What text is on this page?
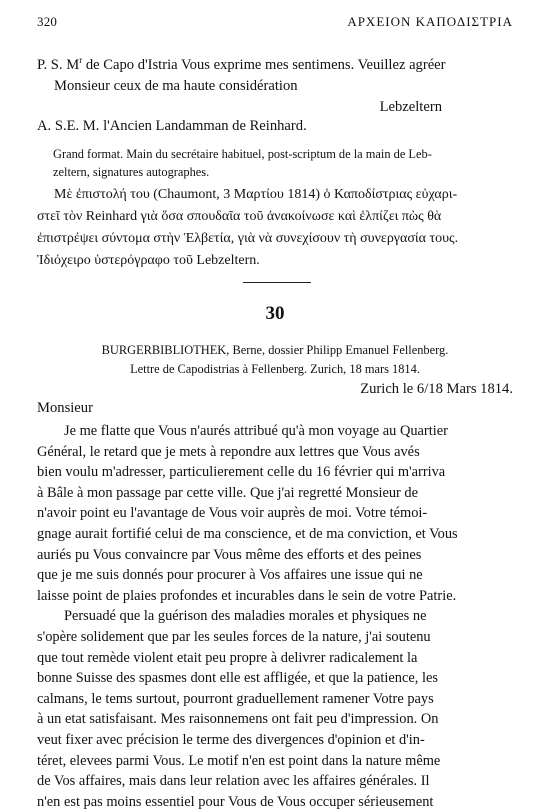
320	ΑΡΧΕΙΟΝ ΚΑΠΟΔΙΣΤΡΙΑ
P. S. $M^r$ de Capo d'Istria Vous exprime mes sentimens. Veuillez agréer
Monsieur ceux de ma haute considération
Lebzeltern
A. S.E. M. l'Ancien Landamman de Reinhard.
Grand format. Main du secrétaire habituel, post-scriptum de la main de Leb-
zeltern, signatures autographes.
Μὲ ἐπιστολή του (Chaumont, 3 Μαρτίου 1814) ὁ Καποδίστριας εὐχαρι-
στεῖ τὸν Reinhard γιὰ ὅσα σπουδαῖα τοῦ ἀνακοίνωσε καὶ ἐλπίζει πὼς θὰ
ἐπιστρέψει σύντομα στὴν Ἑλβετία, γιὰ νὰ συνεχίσουν τὴ συνεργασία τους.
Ἰδιόχειρο ὑστερόγραφο τοῦ Lebzeltern.
30
BURGERBIBLIOTHEK, Berne, dossier Philipp Emanuel Fellenberg.
Lettre de Capodistrias à Fellenberg. Zurich, 18 mars 1814.
Zurich le 6/18 Mars 1814.
Monsieur
Je me flatte que Vous n'aurés attribué qu'à mon voyage au Quartier
Général, le retard que je mets à repondre aux lettres que Vous avés
bien voulu m'adresser, particulierement celle du 16 février qui m'arriva
à Bâle à mon passage par cette ville. Que j'ai regretté Monsieur de
n'avoir point eu l'avantage de Vous voir auprès de moi. Votre témoi-
gnage aurait fortifié celui de ma conscience, et de ma conviction, et Vous
auriés pu Vous convaincre par Vous même des efforts et des peines
que je me suis donnés pour procurer à Vos affaires une issue qui ne
laisse point de plaies profondes et incurables dans le sein de votre Patrie.
Persuadé que la guérison des maladies morales et physiques ne
s'opère solidement que par les seules forces de la nature, j'ai soutenu
que tout remède violent etait peu propre à delivrer radicalement la
bonne Suisse des spasmes dont elle est affligée, et que la patience, les
calmans, le tems surtout, pourront graduellement ramener Votre pays
à un etat satisfaisant. Mes raisonnemens ont fait peu d'impression. On
veut fixer avec précision le terme des divergences d'opinion et d'in-
téret, elevees parmi Vous. Le motif n'en est point dans la nature même
de Vos affaires, mais dans leur relation avec les affaires générales. Il
n'en est pas moins essentiel pour Vous de Vous occuper sérieusement
